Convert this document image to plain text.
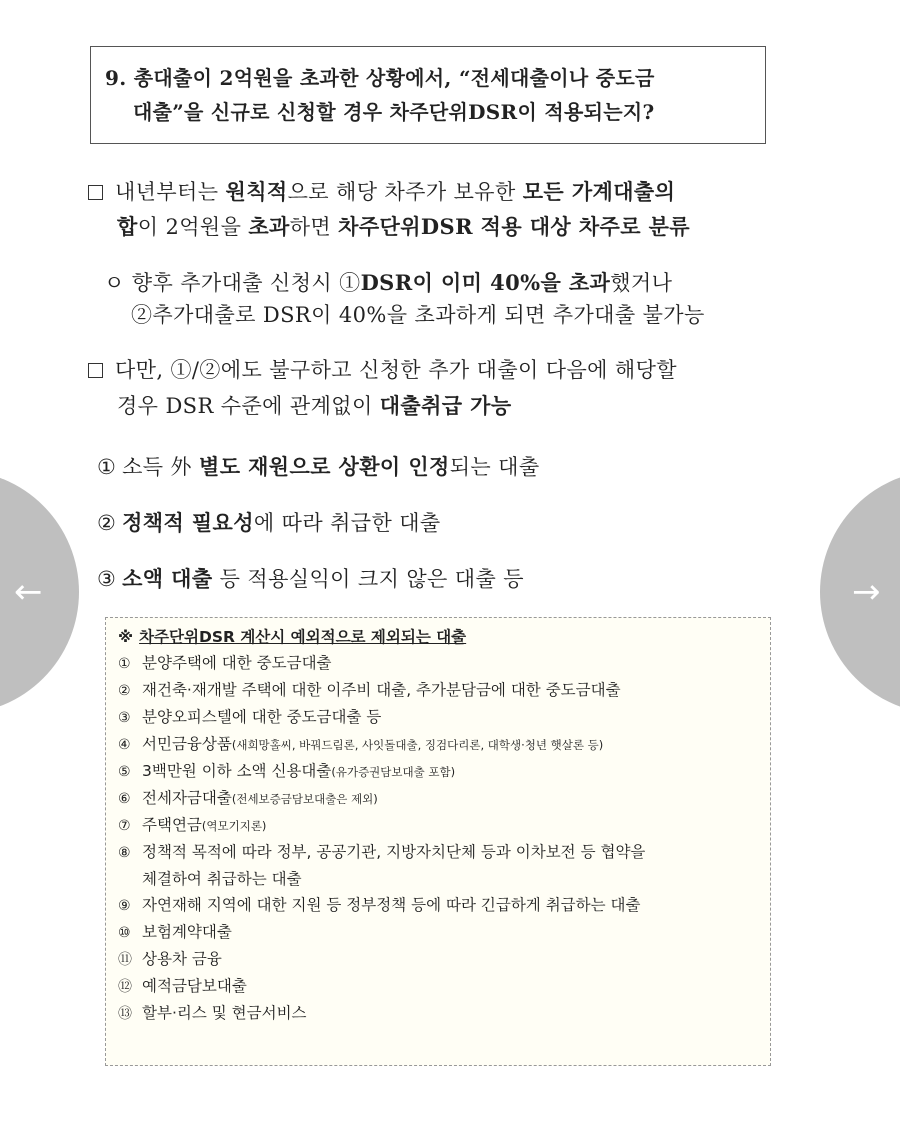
9. 총대출이 2억원을 초과한 상황에서, “전세대출이나 중도금
대출”을 신규로 신청할 경우 차주단위DSR이 적용되는지?
내년부터는 원칙적으로 해당 차주가 보유한 모든 가계대출의
합이 2억원을 초과하면 차주단위DSR 적용 대상 차주로 분류
ㅇ 향후 추가대출 신청시 ①DSR이 이미 40%을 초과했거나
②추가대출로 DSR이 40%을 초과하게 되면 추가대출 불가능
다만, ①/②에도 불구하고 신청한 추가 대출이 다음에 해당할
경우 DSR 수준에 관계없이 대출취급 가능
① 소득 外 별도 재원으로 상환이 인정되는 대출
② 정책적 필요성에 따라 취급한 대출
③ 소액 대출 등 적용실익이 크지 않은 대출 등
※ 차주단위DSR 계산시 예외적으로 제외되는 대출
① 분양주택에 대한 중도금대출
② 재건축·재개발 주택에 대한 이주비 대출, 추가분담금에 대한 중도금대출
③ 분양오피스텔에 대한 중도금대출 등
④ 서민금융상품(새희망홀씨, 바꿔드림론, 사잇돌대출, 징검다리론, 대학생·청년 햇살론 등)
⑤ 3백만원 이하 소액 신용대출(유가증권담보대출 포함)
⑥ 전세자금대출(전세보증금담보대출은 제외)
⑦ 주택연금(역모기지론)
⑧ 정책적 목적에 따라 정부, 공공기관, 지방자치단체 등과 이차보전 등 협약을
체결하여 취급하는 대출
⑨ 자연재해 지역에 대한 지원 등 정부정책 등에 따라 긴급하게 취급하는 대출
⑩ 보험계약대출
⑪ 상용차 금융
⑫ 예적금담보대출
⑬ 할부·리스 및 현금서비스
←	→
